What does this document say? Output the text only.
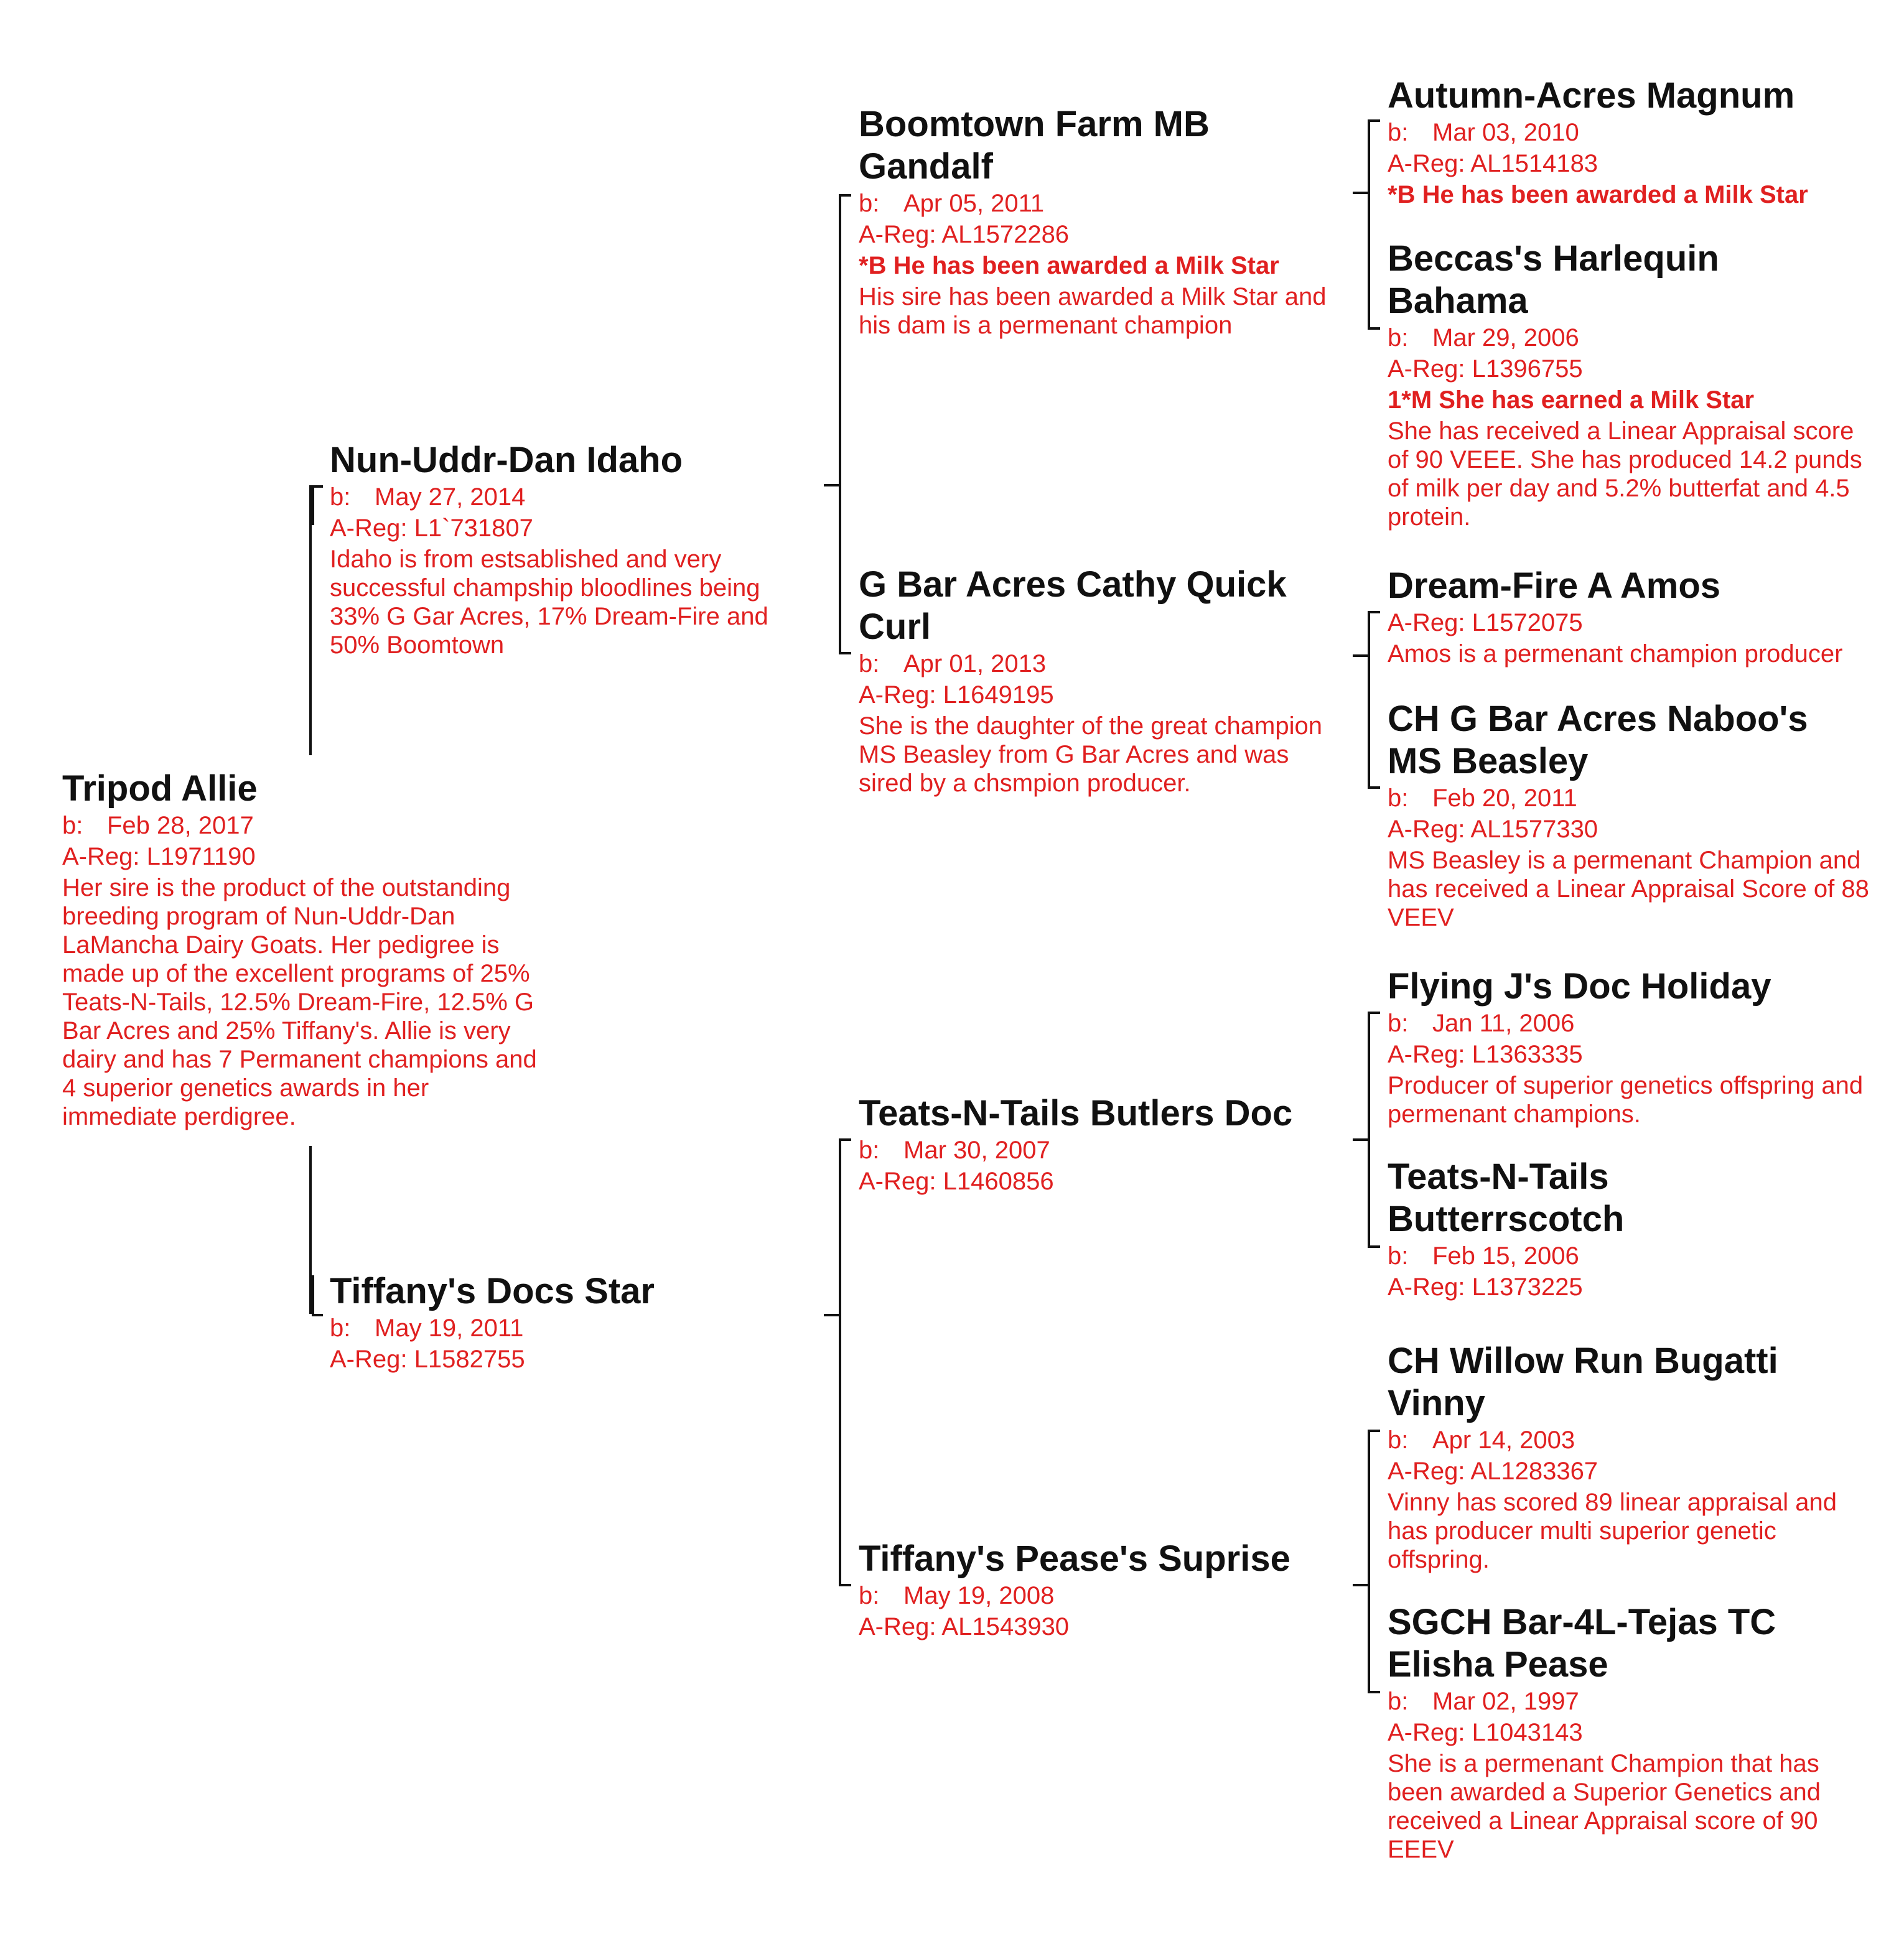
Tripod Allie
b: Feb 28, 2017
A-Reg: L1971190
Her sire is the product of the outstanding breeding program of Nun-Uddr-Dan LaMancha Dairy Goats. Her pedigree is made up of the excellent programs of 25% Teats-N-Tails, 12.5% Dream-Fire, 12.5% G Bar Acres and 25% Tiffany's. Allie is very dairy and has 7 Permanent champions and 4 superior genetics awards in her immediate perdigree.
Nun-Uddr-Dan Idaho
b: May 27, 2014
A-Reg: L1`731807
Idaho is from estsablished and very successful champship bloodlines being 33% G Gar Acres, 17% Dream-Fire and 50% Boomtown
Tiffany's Docs Star
b: May 19, 2011
A-Reg: L1582755
Boomtown Farm MB Gandalf
b: Apr 05, 2011
A-Reg: AL1572286
*B He has been awarded a Milk Star
His sire has been awarded a Milk Star and his dam is a permenant champion
G Bar Acres Cathy Quick Curl
b: Apr 01, 2013
A-Reg: L1649195
She is the daughter of the great champion MS Beasley from G Bar Acres and was sired by a chsmpion producer.
Teats-N-Tails Butlers Doc
b: Mar 30, 2007
A-Reg: L1460856
Tiffany's Pease's Suprise
b: May 19, 2008
A-Reg: AL1543930
Autumn-Acres Magnum
b: Mar 03, 2010
A-Reg: AL1514183
*B He has been awarded a Milk Star
Beccas's Harlequin Bahama
b: Mar 29, 2006
A-Reg: L1396755
1*M She has earned a Milk Star
She has received a Linear Appraisal score of 90 VEEE. She has produced 14.2 punds of milk per day and 5.2% butterfat and 4.5 protein.
Dream-Fire A Amos
A-Reg: L1572075
Amos is a permenant champion producer
CH G Bar Acres Naboo's MS Beasley
b: Feb 20, 2011
A-Reg: AL1577330
MS Beasley is a permenant Champion and has received a Linear Appraisal Score of 88 VEEV
Flying J's Doc Holiday
b: Jan 11, 2006
A-Reg: L1363335
Producer of superior genetics offspring and permenant champions.
Teats-N-Tails Butterrscotch
b: Feb 15, 2006
A-Reg: L1373225
CH Willow Run Bugatti Vinny
b: Apr 14, 2003
A-Reg: AL1283367
Vinny has scored 89 linear appraisal and has producer multi superior genetic offspring.
SGCH Bar-4L-Tejas TC Elisha Pease
b: Mar 02, 1997
A-Reg: L1043143
She is a permenant Champion that has been awarded a Superior Genetics and received a Linear Appraisal score of 90 EEEV
